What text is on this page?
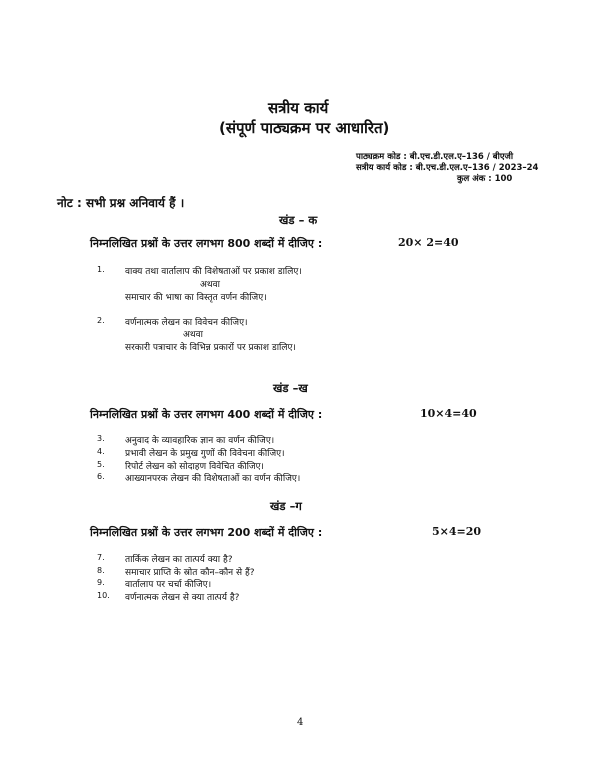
सत्रीय कार्य
(संपूर्ण पाठ्यक्रम पर आधारित)
पाठ्यक्रम कोड : बी.एच.डी.एल.ए–136 / बीएजी
सत्रीय कार्य कोड : बी.एच.डी.एल.ए–136 / 2023–24
कुल अंक : 100
नोट : सभी प्रश्न अनिवार्य हैं ।
खंड – क
निम्नलिखित प्रश्नों के उत्तर लगभग 800 शब्दों में दीजिए :	20× 2=40
1. वाक्य तथा वार्तालाप की विशेषताओं पर प्रकाश डालिए।
अथवा
समाचार की भाषा का विस्तृत वर्णन कीजिए।
2. वर्णनात्मक लेखन का विवेचन कीजिए।
अथवा
सरकारी पत्राचार के विभिन्न प्रकारों पर प्रकाश डालिए।
खंड –ख
निम्नलिखित प्रश्नों के उत्तर लगभग 400 शब्दों में दीजिए :	10×4=40
3. अनुवाद के व्यावहारिक ज्ञान का वर्णन कीजिए।
4. प्रभावी लेखन के प्रमुख गुणों की विवेचना कीजिए।
5. रिपोर्ट लेखन को सोदाहण विवेचित कीजिए।
6. आख्यानपरक लेखन की विशेषताओं का वर्णन कीजिए।
खंड –ग
निम्नलिखित प्रश्नों के उत्तर लगभग 200 शब्दों में दीजिए :	5×4=20
7. तार्किक लेखन का तात्पर्य क्या है?
8. समाचार प्राप्ति के स्रोत कौन–कौन से हैं?
9. वार्तालाप पर चर्चा कीजिए।
10. वर्णनात्मक लेखन से क्या तात्पर्य है?
4
